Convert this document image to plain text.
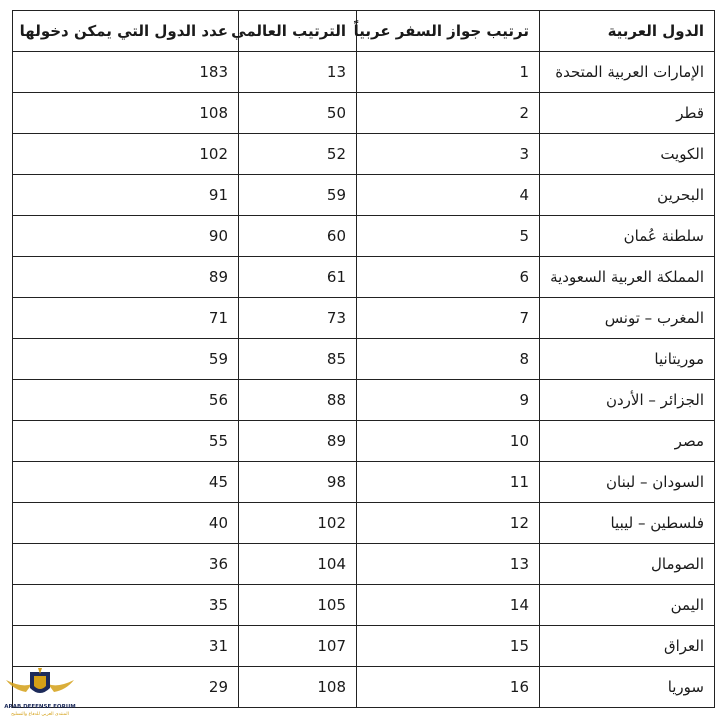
الدول العربية	ترتيب جواز السفر عربياً	الترتيب العالمي	عدد الدول التي يمكن دخولها
الإمارات العربية المتحدة	1	13	183
قطر	2	50	108
الكويت	3	52	102
البحرين	4	59	91
سلطنة عُمان	5	60	90
المملكة العربية السعودية	6	61	89
المغرب – تونس	7	73	71
موريتانيا	8	85	59
الجزائر – الأردن	9	88	56
مصر	10	89	55
السودان – لبنان	11	98	45
فلسطين – ليبيا	12	102	40
الصومال	13	104	36
اليمن	14	105	35
العراق	15	107	31
سوريا	16	108	29
ARAB DEFENSE FORUM
المنتدى العربي للدفاع والتسليح
